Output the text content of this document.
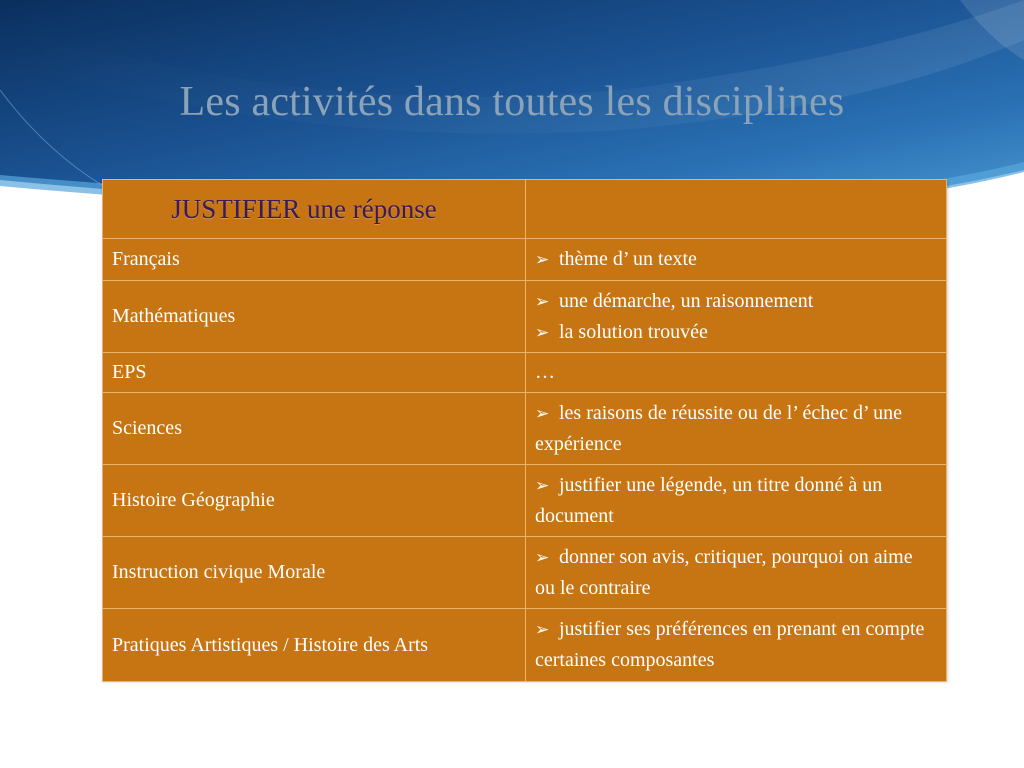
Les activités dans toutes les disciplines
JUSTIFIER une réponse	

Français	➢ thème d’ un texte

Mathématiques	➢ une démarche, un raisonnement
➢ la solution trouvée

EPS	…
Sciences	➢ les raisons de réussite ou de l’ échec d’ une expérience
Histoire Géographie	➢ justifier une légende, un titre donné à un document
Instruction civique Morale	➢ donner son avis, critiquer, pourquoi on aime ou le contraire
Pratiques Artistiques / Histoire des Arts	➢ justifier ses préférences en prenant en compte certaines composantes
